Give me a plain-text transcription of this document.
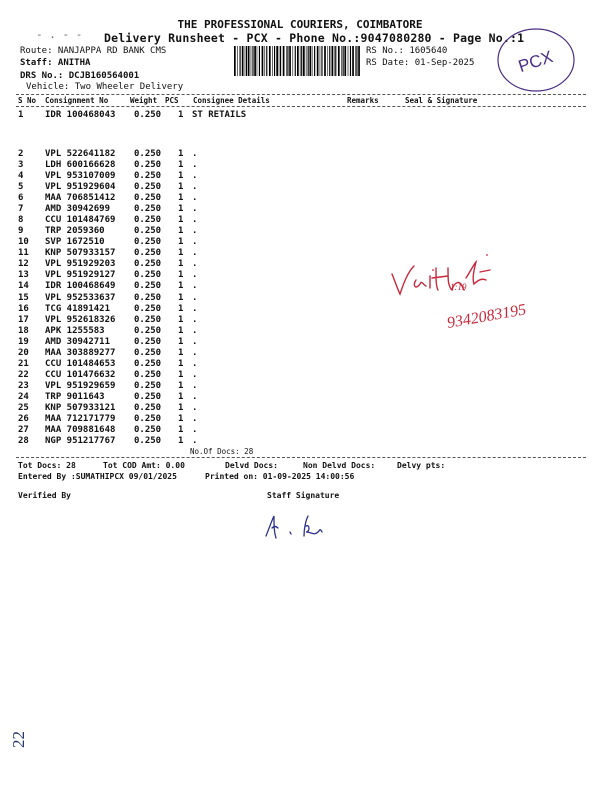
THE PROFESSIONAL COURIERS, COIMBATORE
- . - - Delivery Runsheet - PCX - Phone No.:9047080280 - Page No.:1
Route: NANJAPPA RD BANK CMS
Staff: ANITHA
DRS No.: DCJB160564001
Vehicle: Two Wheeler Delivery
RS No.: 1605640
RS Date: 01-Sep-2025 PCX
S No Consignment No	Weight PCS Consignee Details	Remarks	Seal & Signature
1 IDR 100468043 0.250 1 ST RETAILS
2 VPL 522641182 0.250 1 .
3 LDH 600166628 0.250 1 .
4 VPL 953107009 0.250 1 .
5 VPL 951929604 0.250 1 .
6 MAA 706851412 0.250 1 .
7 AMD 30942699	0.250 1 .
8 CCU 101484769 0.250 1 .
9 TRP 2059360	0.250 1 .
10 SVP 1672510	0.250 1 .
11 KNP 507933157 0.250 1 .
12 VPL 951929203 0.250 1 .
13 VPL 951929127 0.250 1 .
14 IDR 100468649 0.250 1 .
15 VPL 952533637 0.250 1 .
16 TCG 41891421	0.250 1 .
17 VPL 952618326 0.250 1 .
18 APK 1255583	0.250 1 .
19 AMD 30942711	0.250 1 .
20 MAA 303889277 0.250 1 .
21 CCU 101484653 0.250 1 .
22 CCU 101476632 0.250 1 .
23 VPL 951929659 0.250 1 .
24 TRP 9011643	0.250 1 .
25 KNP 507933121 0.250 1 .
26 MAA 712171779 0.250 1 .
27 MAA 709881648 0.250 1 .
28 NGP 951217767 0.250 1 .
No.Of Docs: 28
Tot Docs: 28	Tot COD Amt: 0.00	Delvd Docs:	Non Delvd Docs:	Delvy pts:
Entered By :SUMATHIPCX 09/01/2025	Printed on: 01-09-2025 14:00:56
Verified By	Staff Signature
1:19
9342083195
22
